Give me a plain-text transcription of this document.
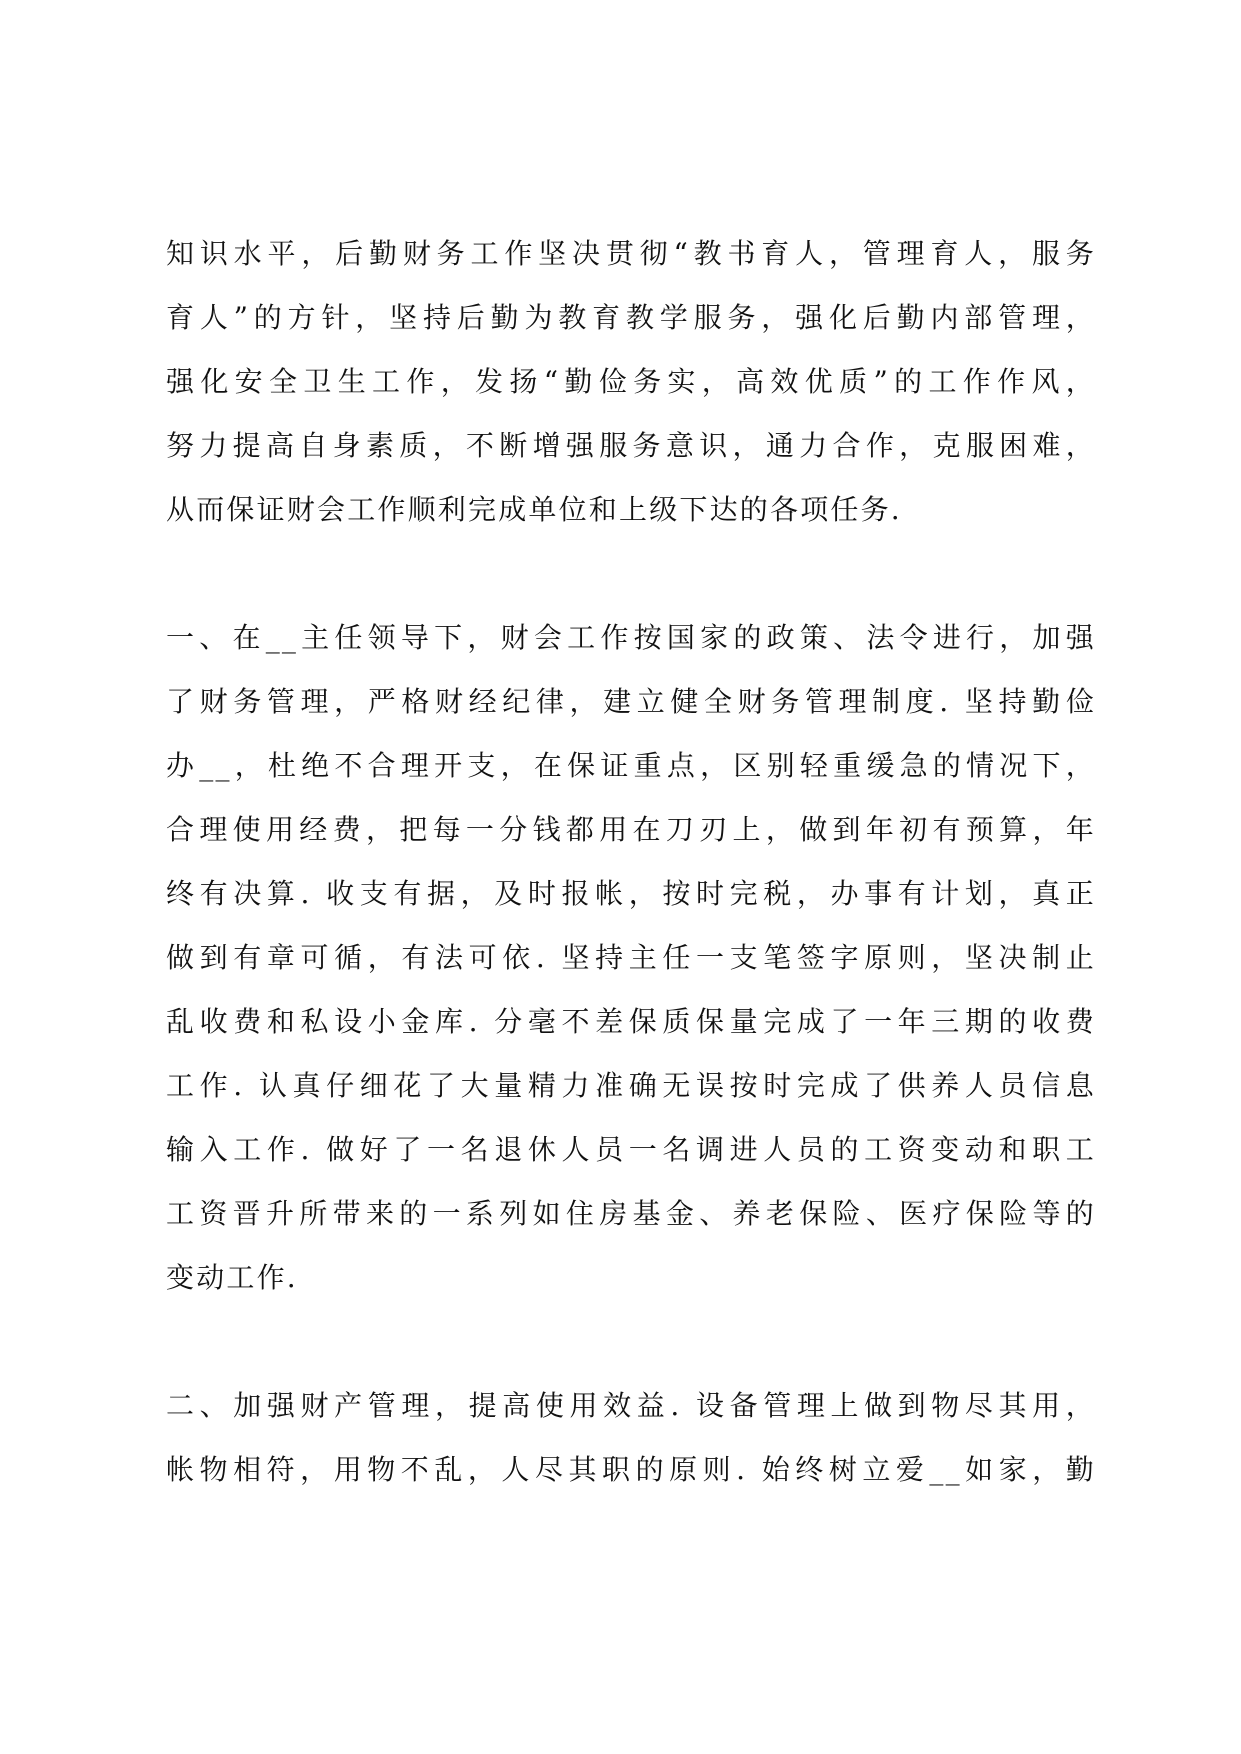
知识水平，后勤财务工作坚决贯彻“教书育人，管理育人，服务
育人”的方针，坚持后勤为教育教学服务，强化后勤内部管理，
强化安全卫生工作，发扬“勤俭务实，高效优质”的工作作风，
努力提高自身素质，不断增强服务意识，通力合作，克服困难，
从而保证财会工作顺利完成单位和上级下达的各项任务.
一、在__主任领导下，财会工作按国家的政策、法令进行，加强
了财务管理，严格财经纪律，建立健全财务管理制度. 坚持勤俭
办__，杜绝不合理开支，在保证重点，区别轻重缓急的情况下，
合理使用经费，把每一分钱都用在刀刃上，做到年初有预算，年
终有决算. 收支有据，及时报帐，按时完税，办事有计划，真正
做到有章可循，有法可依. 坚持主任一支笔签字原则，坚决制止
乱收费和私设小金库. 分毫不差保质保量完成了一年三期的收费
工作. 认真仔细花了大量精力准确无误按时完成了供养人员信息
输入工作. 做好了一名退休人员一名调进人员的工资变动和职工
工资晋升所带来的一系列如住房基金、养老保险、医疗保险等的
变动工作.
二、加强财产管理，提高使用效益. 设备管理上做到物尽其用，
帐物相符，用物不乱，人尽其职的原则. 始终树立爱__如家，勤
